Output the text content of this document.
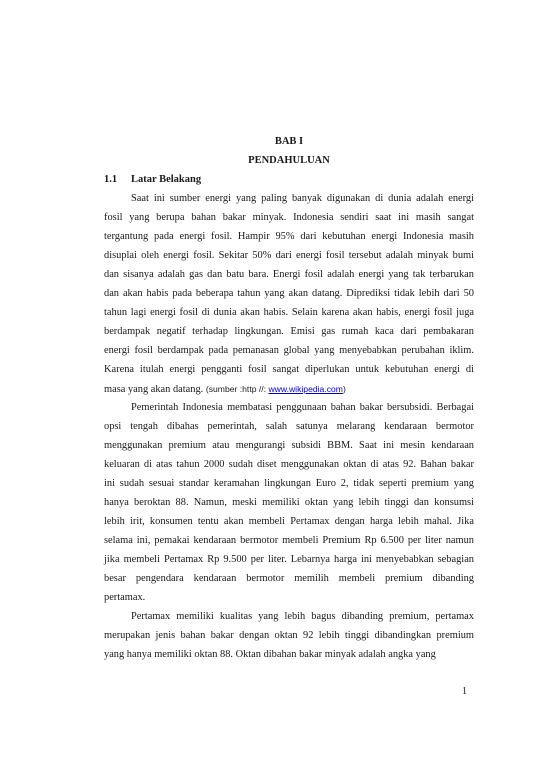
BAB I
PENDAHULUAN
1.1 Latar Belakang
Saat ini sumber energi yang paling banyak digunakan di dunia adalah energi
fosil yang berupa bahan bakar minyak. Indonesia sendiri saat ini masih sangat
tergantung pada energi fosil. Hampir 95% dari kebutuhan energi Indonesia masih
disuplai oleh energi fosil. Sekitar 50% dari energi fosil tersebut adalah minyak bumi
dan sisanya adalah gas dan batu bara. Energi fosil adalah energi yang tak terbarukan
dan akan habis pada beberapa tahun yang akan datang. Diprediksi tidak lebih dari 50
tahun lagi energi fosil di dunia akan habis. Selain karena akan habis, energi fosil juga
berdampak negatif terhadap lingkungan. Emisi gas rumah kaca dari pembakaran
energi fosil berdampak pada pemanasan global yang menyebabkan perubahan iklim.
Karena itulah energi pengganti fosil sangat diperlukan untuk kebutuhan energi di
masa yang akan datang. (sumber :http //: www.wikipedia.com)
Pemerintah Indonesia membatasi penggunaan bahan bakar bersubsidi. Berbagai
opsi tengah dibahas pemerintah, salah satunya melarang kendaraan bermotor
menggunakan premium atau mengurangi subsidi BBM. Saat ini mesin kendaraan
keluaran di atas tahun 2000 sudah diset menggunakan oktan di atas 92. Bahan bakar
ini sudah sesuai standar keramahan lingkungan Euro 2, tidak seperti premium yang
hanya beroktan 88. Namun, meski memiliki oktan yang lebih tinggi dan konsumsi
lebih irit, konsumen tentu akan membeli Pertamax dengan harga lebih mahal. Jika
selama ini, pemakai kendaraan bermotor membeli Premium Rp 6.500 per liter namun
jika membeli Pertamax Rp 9.500 per liter. Lebarnya harga ini menyebabkan sebagian
besar pengendara kendaraan bermotor memilih membeli premium dibanding
pertamax.
Pertamax memiliki kualitas yang lebih bagus dibanding premium, pertamax
merupakan jenis bahan bakar dengan oktan 92 lebih tinggi dibandingkan premium
yang hanya memiliki oktan 88. Oktan dibahan bakar minyak adalah angka yang
1
